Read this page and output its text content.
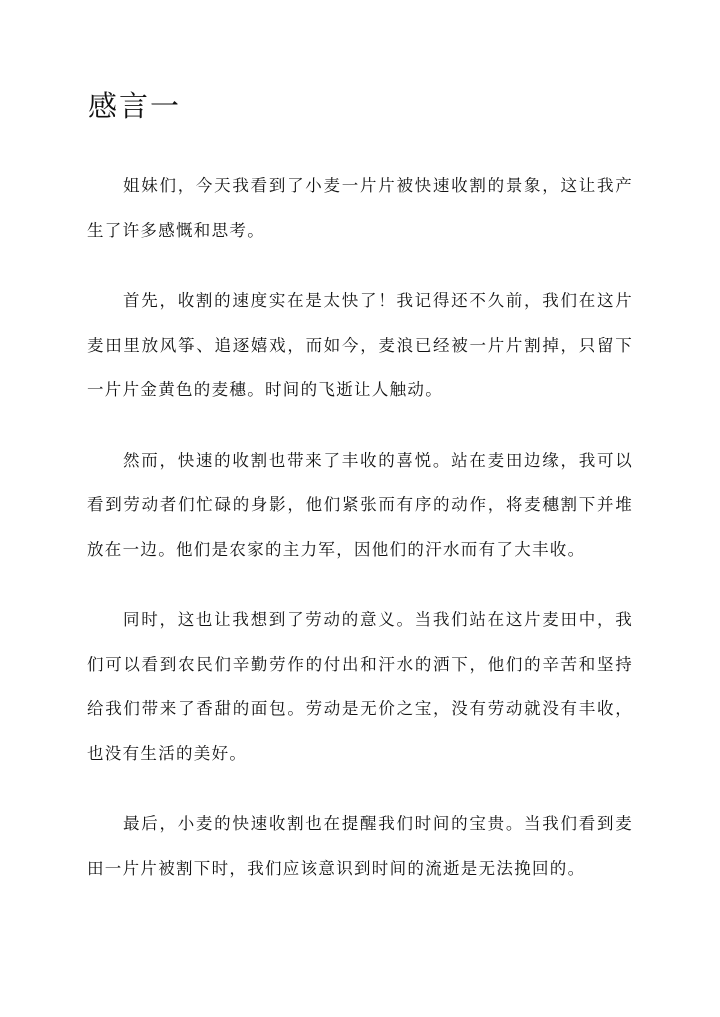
感言一

姐妹们，今天我看到了小麦一片片被快速收割的景象，这让我产生了许多感慨和思考。

首先，收割的速度实在是太快了！我记得还不久前，我们在这片麦田里放风筝、追逐嬉戏，而如今，麦浪已经被一片片割掉，只留下一片片金黄色的麦穗。时间的飞逝让人触动。

然而，快速的收割也带来了丰收的喜悦。站在麦田边缘，我可以看到劳动者们忙碌的身影，他们紧张而有序的动作，将麦穗割下并堆放在一边。他们是农家的主力军，因他们的汗水而有了大丰收。

同时，这也让我想到了劳动的意义。当我们站在这片麦田中，我们可以看到农民们辛勤劳作的付出和汗水的洒下，他们的辛苦和坚持给我们带来了香甜的面包。劳动是无价之宝，没有劳动就没有丰收，也没有生活的美好。

最后，小麦的快速收割也在提醒我们时间的宝贵。当我们看到麦田一片片被割下时，我们应该意识到时间的流逝是无法挽回的。
